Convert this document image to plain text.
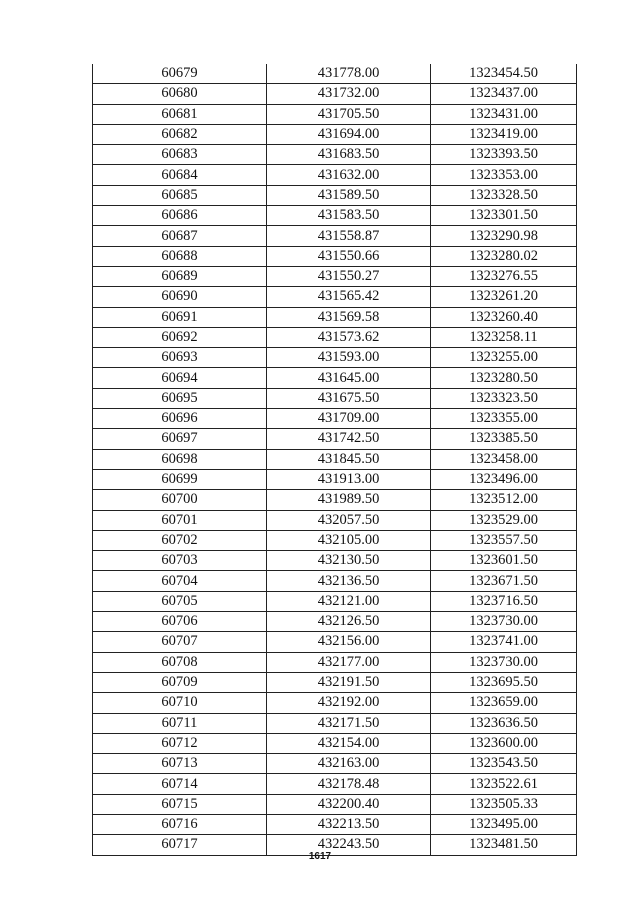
60679	431778.00	1323454.50
60680	431732.00	1323437.00
60681	431705.50	1323431.00
60682	431694.00	1323419.00
60683	431683.50	1323393.50
60684	431632.00	1323353.00
60685	431589.50	1323328.50
60686	431583.50	1323301.50
60687	431558.87	1323290.98
60688	431550.66	1323280.02
60689	431550.27	1323276.55
60690	431565.42	1323261.20
60691	431569.58	1323260.40
60692	431573.62	1323258.11
60693	431593.00	1323255.00
60694	431645.00	1323280.50
60695	431675.50	1323323.50
60696	431709.00	1323355.00
60697	431742.50	1323385.50
60698	431845.50	1323458.00
60699	431913.00	1323496.00
60700	431989.50	1323512.00
60701	432057.50	1323529.00
60702	432105.00	1323557.50
60703	432130.50	1323601.50
60704	432136.50	1323671.50
60705	432121.00	1323716.50
60706	432126.50	1323730.00
60707	432156.00	1323741.00
60708	432177.00	1323730.00
60709	432191.50	1323695.50
60710	432192.00	1323659.00
60711	432171.50	1323636.50
60712	432154.00	1323600.00
60713	432163.00	1323543.50
60714	432178.48	1323522.61
60715	432200.40	1323505.33
60716	432213.50	1323495.00
60717	432243.50	1323481.50
1617
